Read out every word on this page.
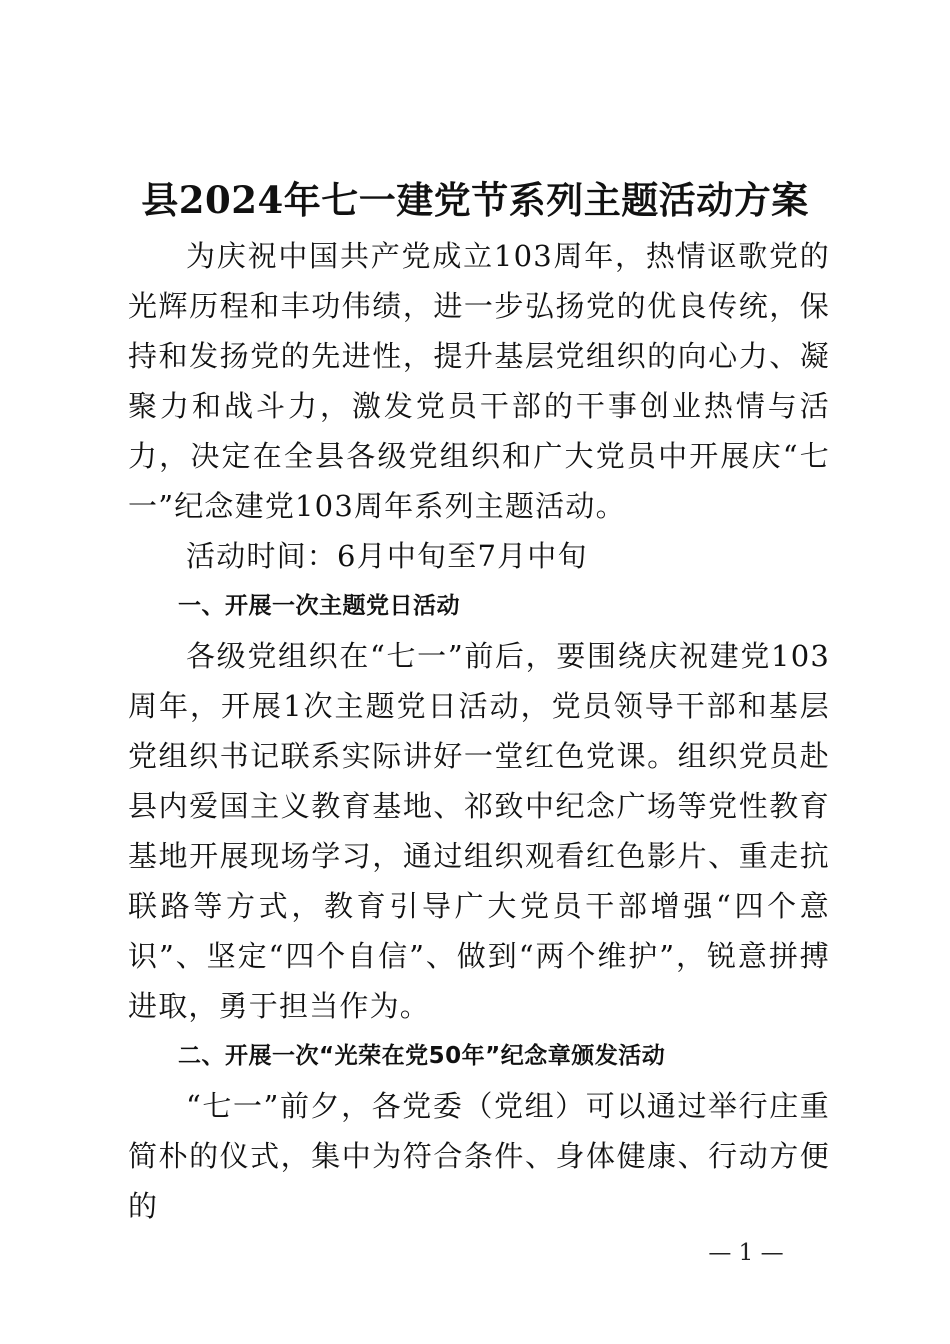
县2024年七一建党节系列主题活动方案

为庆祝中国共产党成立103周年，热情讴歌党的光辉历程和丰功伟绩，进一步弘扬党的优良传统，保持和发扬党的先进性，提升基层党组织的向心力、凝聚力和战斗力，激发党员干部的干事创业热情与活力，决定在全县各级党组织和广大党员中开展庆“七一”纪念建党103周年系列主题活动。

活动时间：6月中旬至7月中旬

一、开展一次主题党日活动

各级党组织在“七一”前后，要围绕庆祝建党103周年，开展1次主题党日活动，党员领导干部和基层党组织书记联系实际讲好一堂红色党课。组织党员赴县内爱国主义教育基地、祁致中纪念广场等党性教育基地开展现场学习，通过组织观看红色影片、重走抗联路等方式，教育引导广大党员干部增强“四个意识”、坚定“四个自信”、做到“两个维护”，锐意拼搏进取，勇于担当作为。

二、开展一次“光荣在党50年”纪念章颁发活动

“七一”前夕，各党委（党组）可以通过举行庄重简朴的仪式，集中为符合条件、身体健康、行动方便的

— 1 —
